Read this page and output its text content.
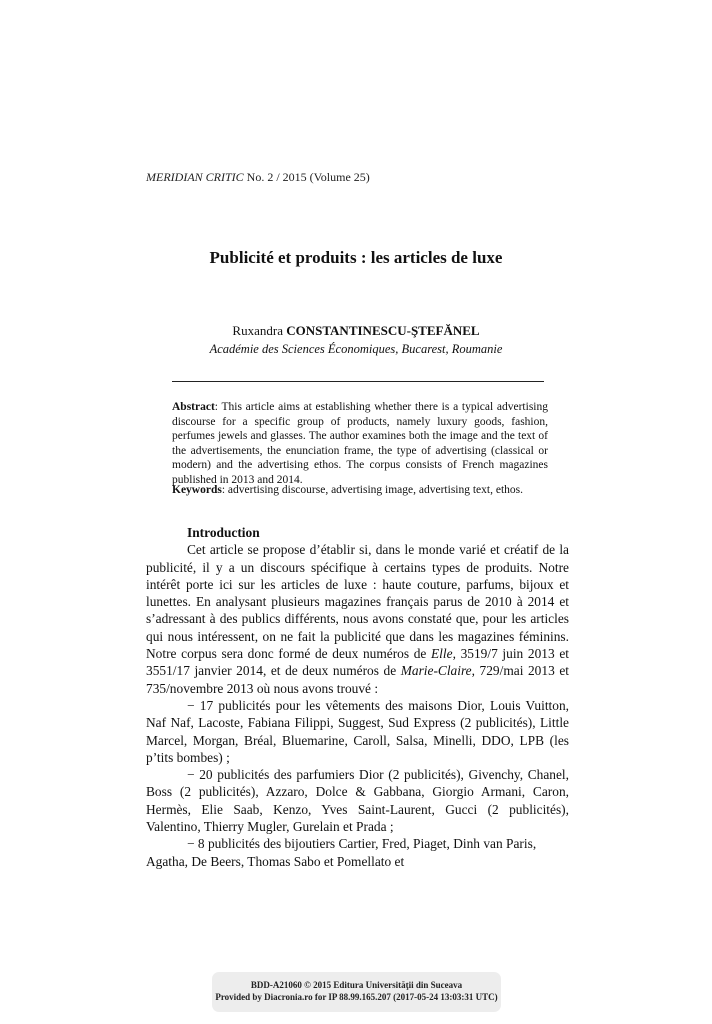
MERIDIAN CRITIC No. 2 / 2015 (Volume 25)
Publicité et produits : les articles de luxe
Ruxandra CONSTANTINESCU-ŞTEFĂNEL
Académie des Sciences Économiques, Bucarest, Roumanie
Abstract: This article aims at establishing whether there is a typical advertising discourse for a specific group of products, namely luxury goods, fashion, perfumes jewels and glasses. The author examines both the image and the text of the advertisements, the enunciation frame, the type of advertising (classical or modern) and the advertising ethos. The corpus consists of French magazines published in 2013 and 2014.
Keywords: advertising discourse, advertising image, advertising text, ethos.
Introduction

Cet article se propose d’établir si, dans le monde varié et créatif de la publicité, il y a un discours spécifique à certains types de produits. Notre intérêt porte ici sur les articles de luxe : haute couture, parfums, bijoux et lunettes. En analysant plusieurs magazines français parus de 2010 à 2014 et s’adressant à des publics différents, nous avons constaté que, pour les articles qui nous intéressent, on ne fait la publicité que dans les magazines féminins. Notre corpus sera donc formé de deux numéros de Elle, 3519/7 juin 2013 et 3551/17 janvier 2014, et de deux numéros de Marie-Claire, 729/mai 2013 et 735/novembre 2013 où nous avons trouvé :

− 17 publicités pour les vêtements des maisons Dior, Louis Vuitton, Naf Naf, Lacoste, Fabiana Filippi, Suggest, Sud Express (2 publicités), Little Marcel, Morgan, Bréal, Bluemarine, Caroll, Salsa, Minelli, DDO, LPB (les p’tits bombes) ;

− 20 publicités des parfumiers Dior (2 publicités), Givenchy, Chanel, Boss (2 publicités), Azzaro, Dolce & Gabbana, Giorgio Armani, Caron, Hermès, Elie Saab, Kenzo, Yves Saint-Laurent, Gucci (2 publicités), Valentino, Thierry Mugler, Gurelain et Prada ;

− 8 publicités des bijoutiers Cartier, Fred, Piaget, Dinh van Paris, Agatha, De Beers, Thomas Sabo et Pomellato et

BDD-A21060 © 2015 Editura Universităţii din Suceava
Provided by Diacronia.ro for IP 88.99.165.207 (2017-05-24 13:03:31 UTC)
